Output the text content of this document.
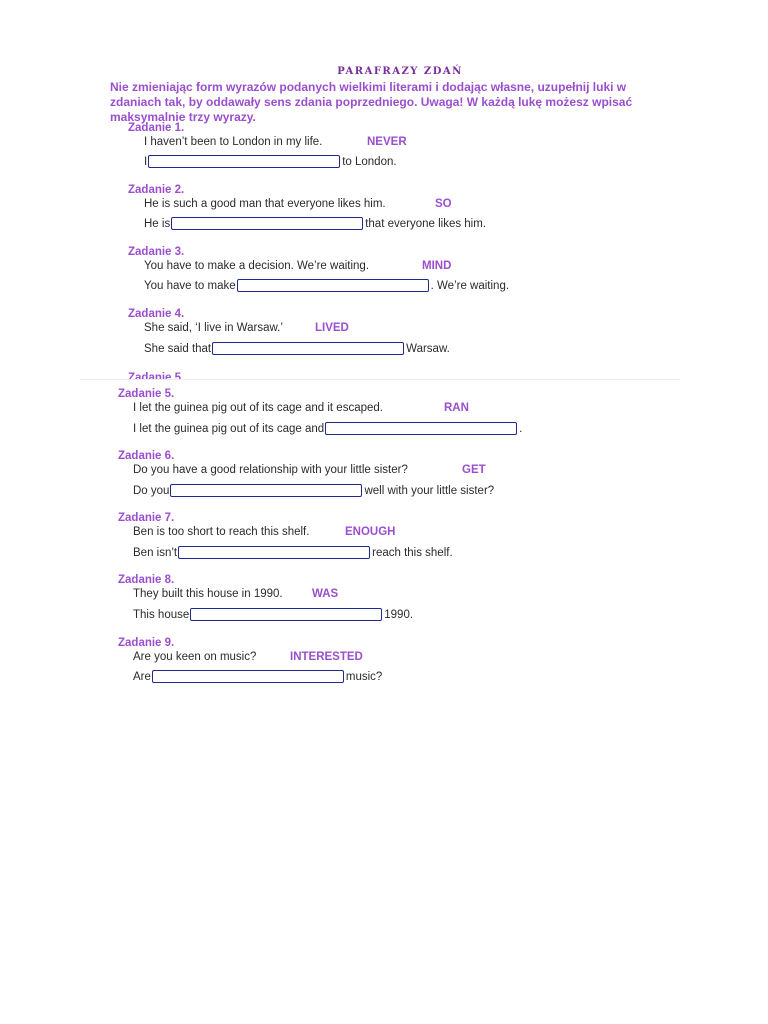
PARAFRAZY ZDAŃ
Nie zmieniając form wyrazów podanych wielkimi literami i dodając własne, uzupełnij luki w zdaniach tak, by oddawały sens zdania poprzedniego. Uwaga! W każdą lukę możesz wpisać maksymalnie trzy wyrazy.
Zadanie 1.
I haven’t been to London in my life.	NEVER
I	to London.
Zadanie 2.
He is such a good man that everyone likes him.	SO
He is	that everyone likes him.
Zadanie 3.
You have to make a decision. We’re waiting.	MIND
You have to make	. We’re waiting.
Zadanie 4.
She said, ‘I live in Warsaw.’	LIVED
She said that	Warsaw.
Zadanie 5.
Zadanie 5.
I let the guinea pig out of its cage and it escaped.	RAN
I let the guinea pig out of its cage and	.
Zadanie 6.
Do you have a good relationship with your little sister?	GET
Do you	well with your little sister?
Zadanie 7.
Ben is too short to reach this shelf.	ENOUGH
Ben isn’t	reach this shelf.
Zadanie 8.
They built this house in 1990.	WAS
This house	1990.
Zadanie 9.
Are you keen on music?	INTERESTED
Are	music?
